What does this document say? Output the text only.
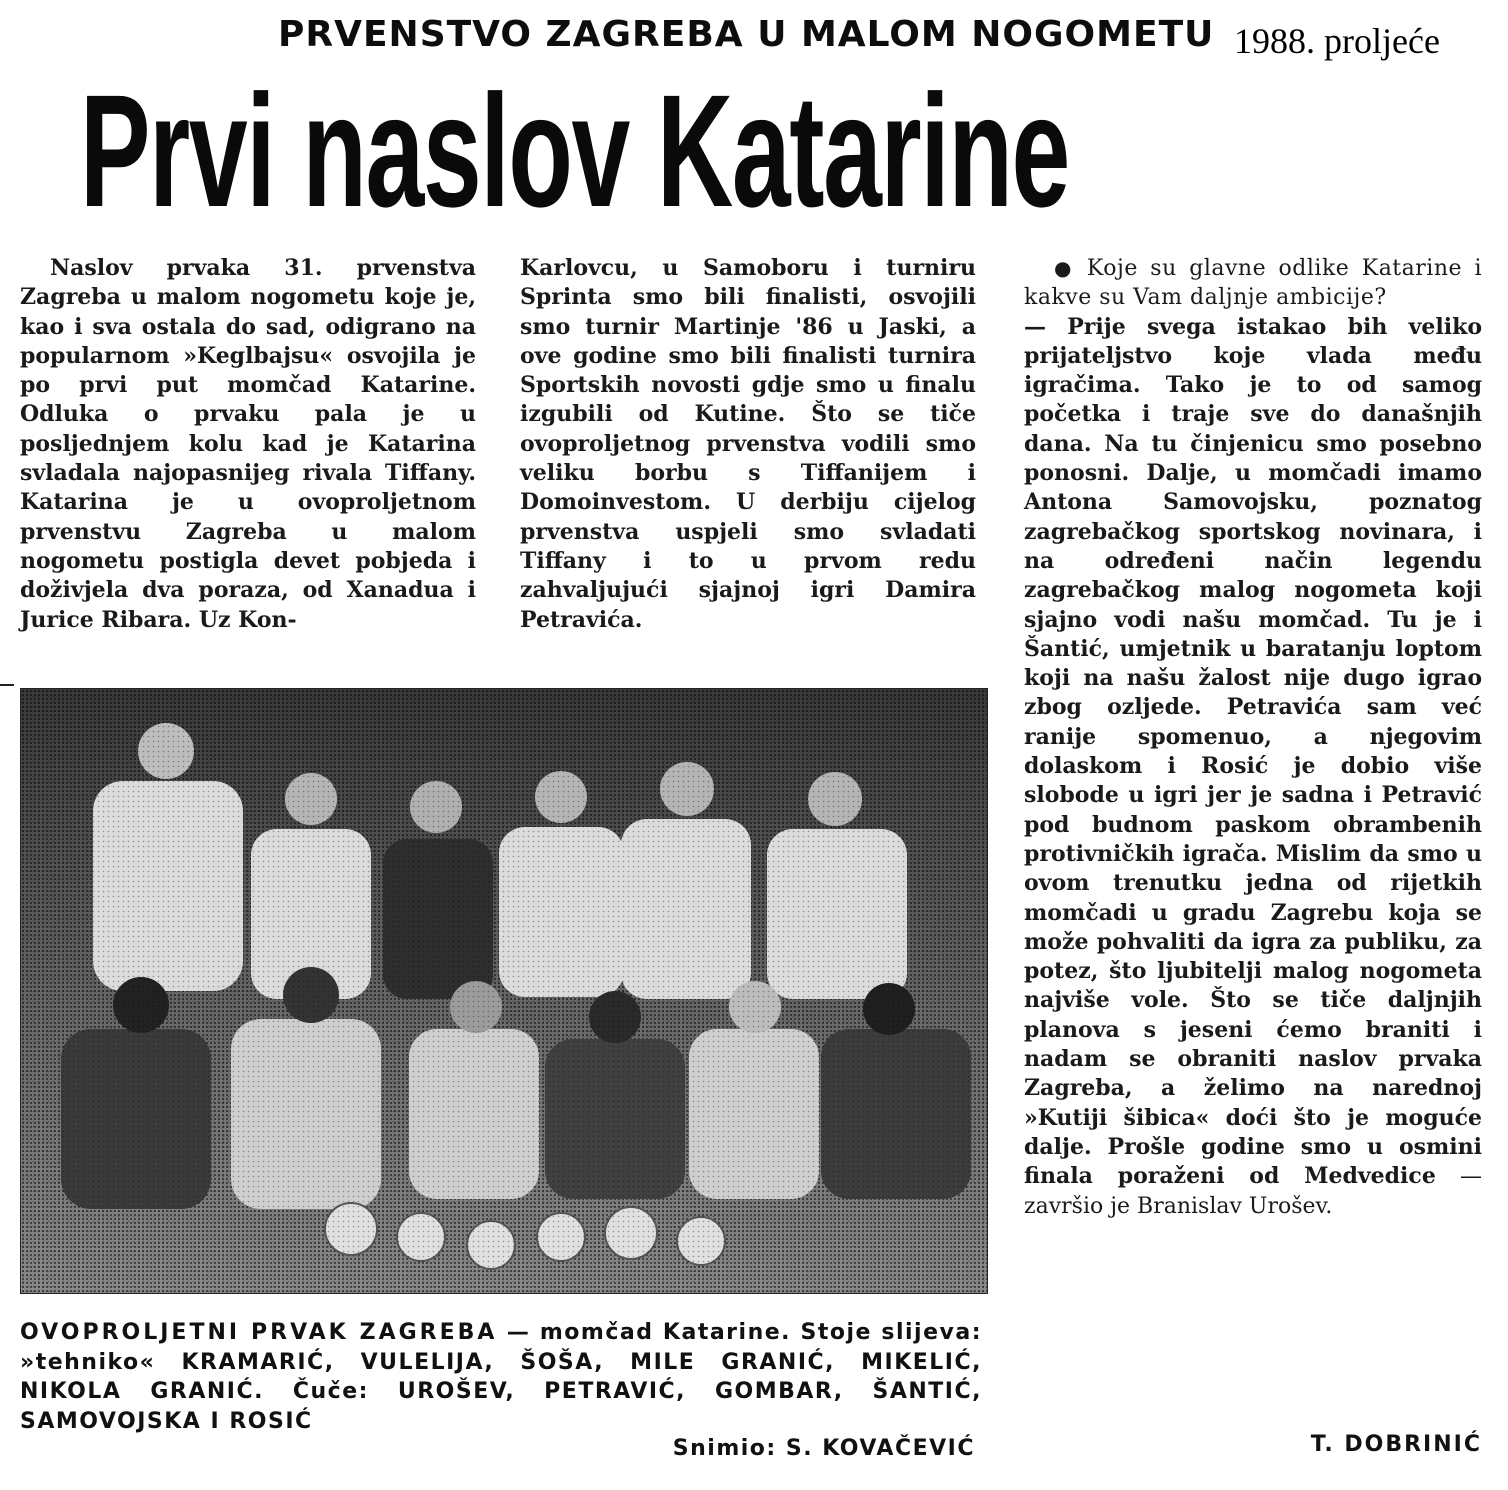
PRVENSTVO ZAGREBA U MALOM NOGOMETU 1988. proljeće
Prvi naslov Katarine

Naslov prvaka 31. prvenstva Zagreba u malom nogometu koje je, kao i sva ostala do sad, odigrano na popularnom »Keglbajsu« osvojila je po prvi put momčad Katarine. Odluka o prvaku pala je u posljednjem kolu kad je Katarina svladala najopasnijeg rivala Tiffany. Katarina je u ovoproljetnom prvenstvu Zagreba u malom nogometu postigla devet pobjeda i doživjela dva poraza, od Xanadua i Jurice Ribara. Uz Kon-

Karlovcu, u Samoboru i turniru Sprinta smo bili finalisti, osvojili smo turnir Martinje '86 u Jaski, a ove godine smo bili finalisti turnira Sportskih novosti gdje smo u finalu izgubili od Kutine. Što se tiče ovoproljetnog prvenstva vodili smo veliku borbu s Tiffanijem i Domoinvestom. U derbiju cijelog prvenstva uspjeli smo svladati Tiffany i to u prvom redu zahvaljujući sjajnoj igri Damira Petravića.

● Koje su glavne odlike Katarine i kakve su Vam daljnje ambicije?

— Prije svega istakao bih veliko prijateljstvo koje vlada među igračima. Tako je to od samog početka i traje sve do današnjih dana. Na tu činjenicu smo posebno ponosni. Dalje, u momčadi imamo Antona Samovojsku, poznatog zagrebačkog sportskog novinara, i na određeni način legendu zagrebačkog malog nogometa koji sjajno vodi našu momčad. Tu je i Šantić, umjetnik u baratanju loptom koji na našu žalost nije dugo igrao zbog ozljede. Petravića sam već ranije spomenuo, a njegovim dolaskom i Rosić je dobio više slobode u igri jer je sadna i Petravić pod budnom paskom obrambenih protivničkih igrača. Mislim da smo u ovom trenutku jedna od rijetkih momčadi u gradu Zagrebu koja se može pohvaliti da igra za publiku, za potez, što ljubitelji malog nogometa najviše vole. Što se tiče daljnjih planova s jeseni ćemo braniti i nadam se obraniti naslov prvaka Zagreba, a želimo na narednoj »Kutiji šibica« doći što je moguće dalje. Prošle godine smo u osmini finala poraženi od Medvedice — završio je Branislav Urošev.

T. DOBRINIĆ
OVOPROLJETNI PRVAK ZAGREBA — momčad Katarine. Stoje slijeva: »tehniko« KRAMARIĆ, VULELIJA, ŠOŠA, MILE GRANIĆ, MIKELIĆ, NIKOLA GRANIĆ. Čuče: UROŠEV, PETRAVIĆ, GOMBAR, ŠANTIĆ, SAMOVOJSKA I ROSIĆ
Snimio: S. KOVAČEVIĆ
